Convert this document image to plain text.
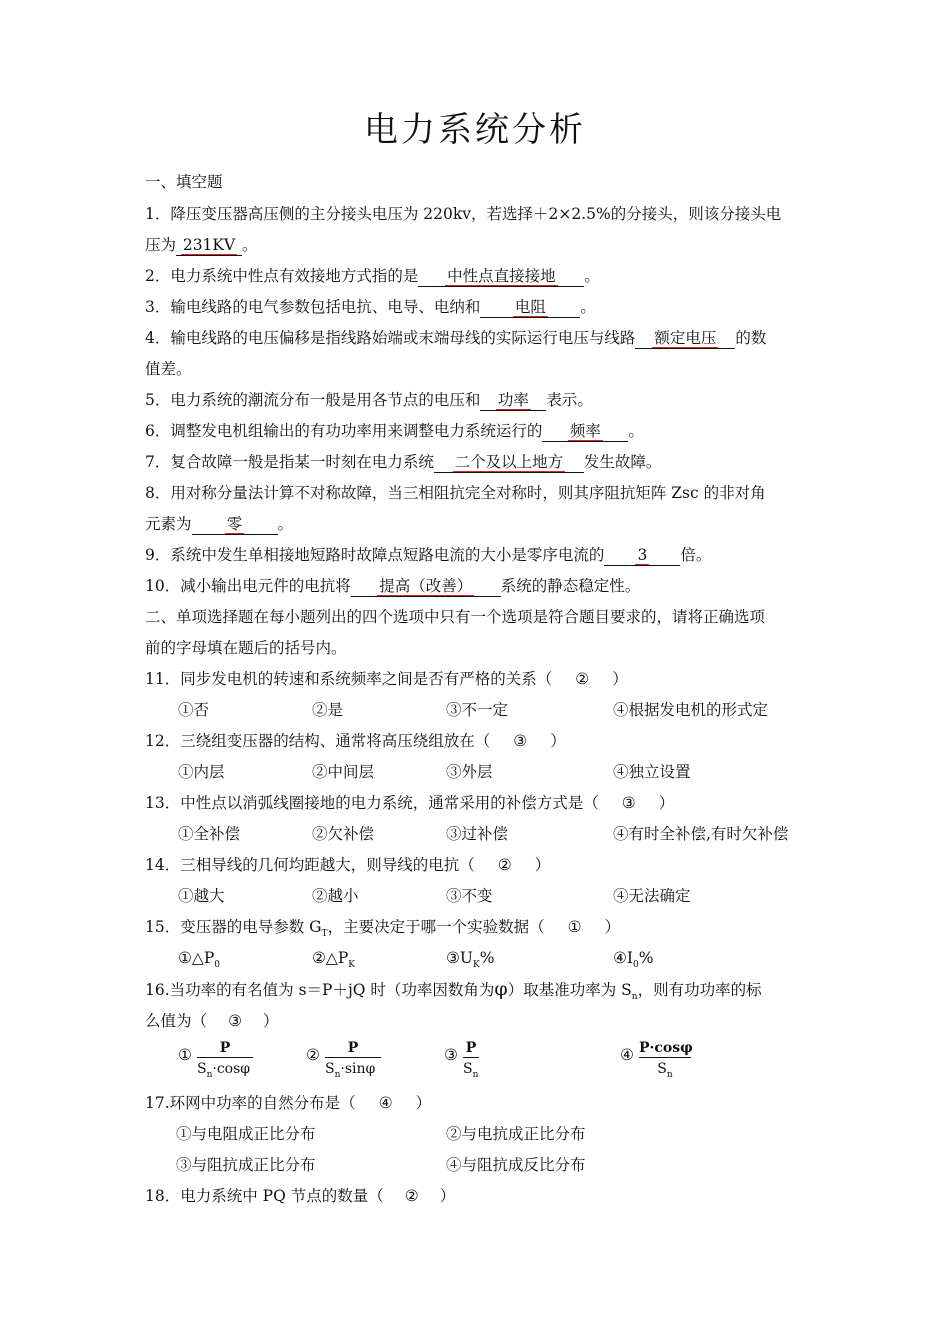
电力系统分析
一、填空题
1．降压变压器高压侧的主分接头电压为 220kv，若选择＋2×2.5%的分接头，则该分接头电
压为 231KV 。
2．电力系统中性点有效接地方式指的是 中性点直接接地 。
3．输电线路的电气参数包括电抗、电导、电纳和 电阻 。
4．输电线路的电压偏移是指线路始端或末端母线的实际运行电压与线路 额定电压 的数
值差。
5．电力系统的潮流分布一般是用各节点的电压和 功率 表示。
6．调整发电机组输出的有功功率用来调整电力系统运行的 频率 。
7．复合故障一般是指某一时刻在电力系统 二个及以上地方 发生故障。
8．用对称分量法计算不对称故障，当三相阻抗完全对称时，则其序阻抗矩阵 Zsc 的非对角
元素为 零 。
9．系统中发生单相接地短路时故障点短路电流的大小是零序电流的 3 倍。
10．减小输出电元件的电抗将 提高（改善） 系统的静态稳定性。
二、单项选择题在每小题列出的四个选项中只有一个选项是符合题目要求的，请将正确选项
前的字母填在题后的括号内。
11．同步发电机的转速和系统频率之间是否有严格的关系（ ② ）
①否	②是	③不一定	④根据发电机的形式定
12．三绕组变压器的结构、通常将高压绕组放在（ ③ ）
①内层	②中间层	③外层	④独立设置
13．中性点以消弧线圈接地的电力系统，通常采用的补偿方式是（ ③ ）
①全补偿	②欠补偿	③过补偿	④有时全补偿,有时欠补偿
14．三相导线的几何均距越大，则导线的电抗（ ② ）
①越大	②越小	③不变	④无法确定
15．变压器的电导参数 $G_T$，主要决定于哪一个实验数据（ ① ）
$①\triangle P_0$	$②\triangle P_K$	$③U_K\%$	$④I_0\%$
16.当功率的有名值为 s＝P＋jQ 时（功率因数角为φ）取基准功率为 $S_n$，则有功功率的标
么值为（ ③ ）
① $\frac{P}{S_n\cdot\cos\varphi}$	② $\frac{P}{S_n\cdot\sin\varphi}$	③ $\frac{P}{S_n}$	④ $\frac{P\cdot\cos\varphi}{S_n}$
17.环网中功率的自然分布是（ ④ ）
①与电阻成正比分布	②与电抗成正比分布
③与阻抗成正比分布	④与阻抗成反比分布
18．电力系统中 PQ 节点的数量（ ② ）
